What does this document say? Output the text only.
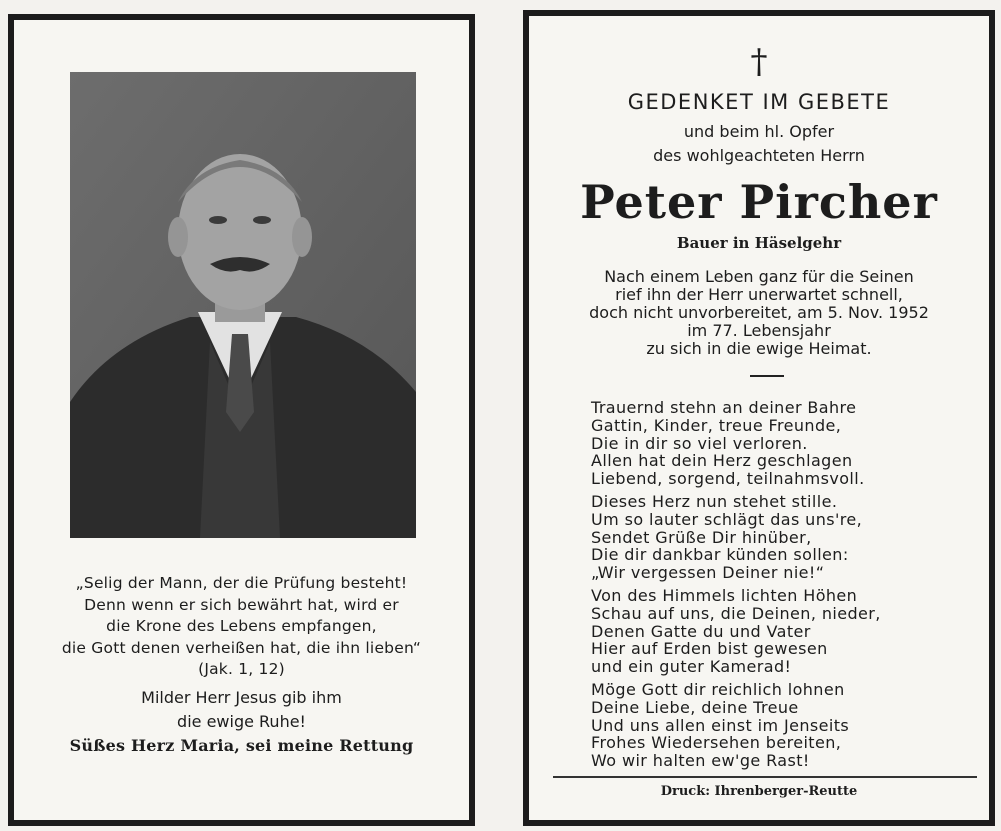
„Selig der Mann, der die Prüfung besteht!
Denn wenn er sich bewährt hat, wird er
die Krone des Lebens empfangen,
die Gott denen verheißen hat, die ihn lieben“
(Jak. 1, 12)
Milder Herr Jesus gib ihm
die ewige Ruhe!
Süßes Herz Maria, sei meine Rettung
†
GEDENKET IM GEBETE
und beim hl. Opfer
des wohlgeachteten Herrn
Peter Pircher
Bauer in Häselgehr
Nach einem Leben ganz für die Seinen
rief ihn der Herr unerwartet schnell,
doch nicht unvorbereitet, am 5. Nov. 1952
im 77. Lebensjahr
zu sich in die ewige Heimat.
Trauernd stehn an deiner Bahre
Gattin, Kinder, treue Freunde,
Die in dir so viel verloren.
Allen hat dein Herz geschlagen
Liebend, sorgend, teilnahmsvoll.
Dieses Herz nun stehet stille.
Um so lauter schlägt das uns're,
Sendet Grüße Dir hinüber,
Die dir dankbar künden sollen:
„Wir vergessen Deiner nie!“
Von des Himmels lichten Höhen
Schau auf uns, die Deinen, nieder,
Denen Gatte du und Vater
Hier auf Erden bist gewesen
und ein guter Kamerad!
Möge Gott dir reichlich lohnen
Deine Liebe, deine Treue
Und uns allen einst im Jenseits
Frohes Wiedersehen bereiten,
Wo wir halten ew'ge Rast!
Druck: Ihrenberger-Reutte
